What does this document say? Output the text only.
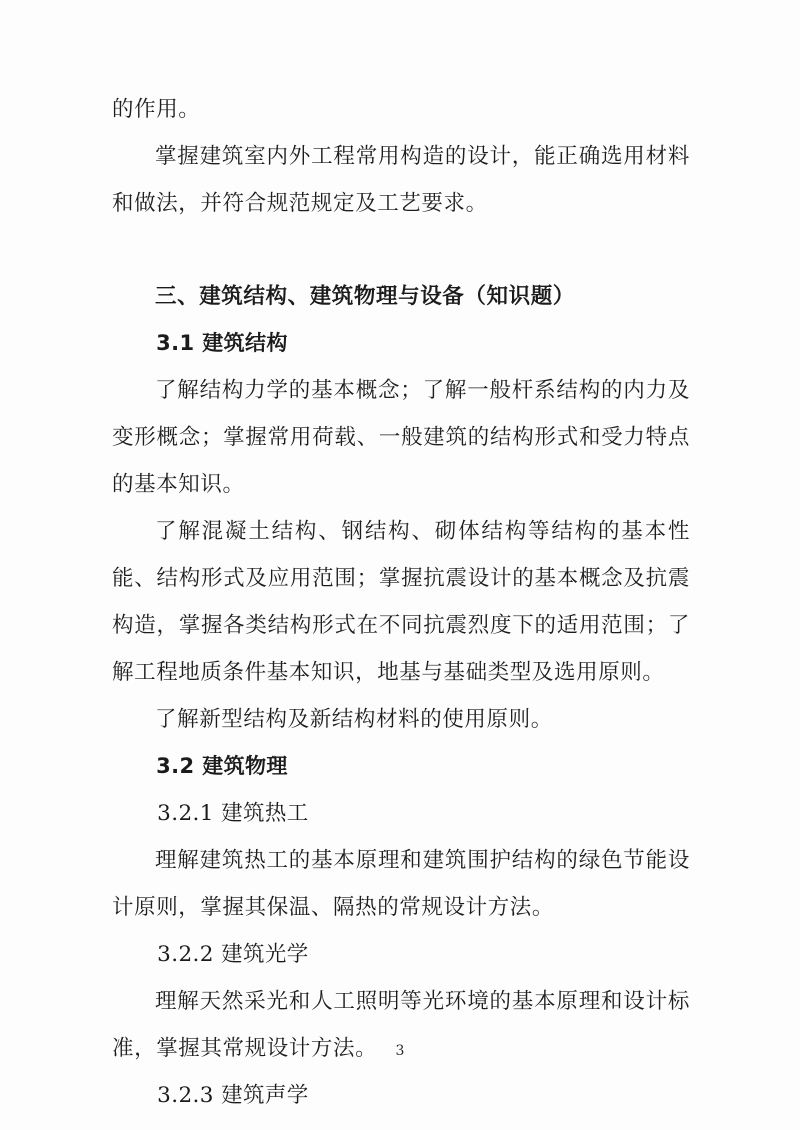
的作用。

掌握建筑室内外工程常用构造的设计，能正确选用材料和做法，并符合规范规定及工艺要求。

三、建筑结构、建筑物理与设备（知识题）

3.1 建筑结构

了解结构力学的基本概念；了解一般杆系结构的内力及变形概念；掌握常用荷载、一般建筑的结构形式和受力特点的基本知识。

了解混凝土结构、钢结构、砌体结构等结构的基本性能、结构形式及应用范围；掌握抗震设计的基本概念及抗震构造，掌握各类结构形式在不同抗震烈度下的适用范围；了解工程地质条件基本知识，地基与基础类型及选用原则。

了解新型结构及新结构材料的使用原则。

3.2 建筑物理

3.2.1 建筑热工

理解建筑热工的基本原理和建筑围护结构的绿色节能设计原则，掌握其保温、隔热的常规设计方法。

3.2.2 建筑光学

理解天然采光和人工照明等光环境的基本原理和设计标准，掌握其常规设计方法。

3.2.3 建筑声学

3
